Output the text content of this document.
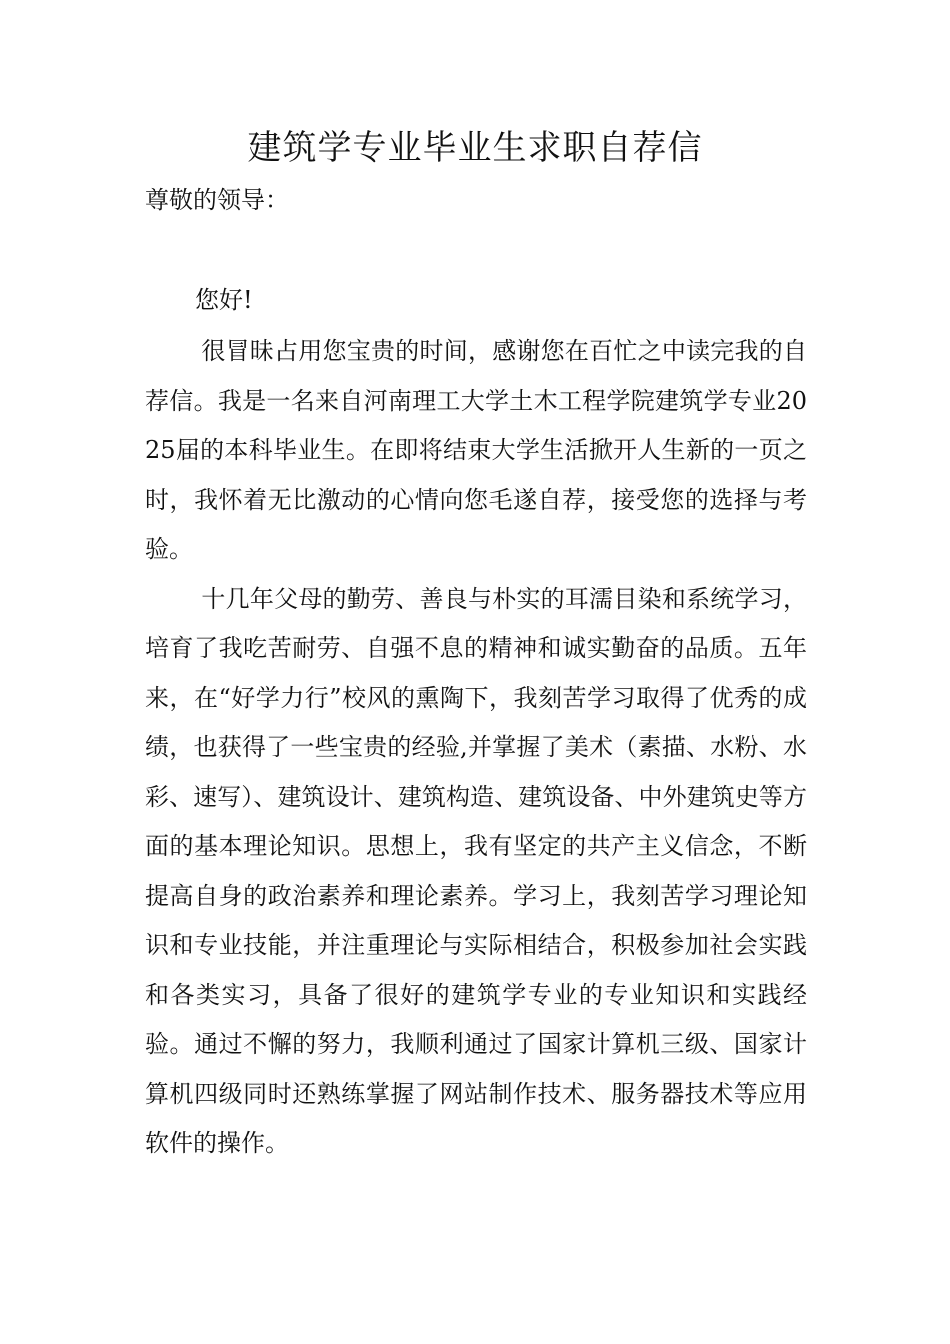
建筑学专业毕业生求职自荐信
尊敬的领导：
您好!

很冒昧占用您宝贵的时间，感谢您在百忙之中读完我的自荐信。我是一名来自河南理工大学土木工程学院建筑学专业2025届的本科毕业生。在即将结束大学生活掀开人生新的一页之时，我怀着无比激动的心情向您毛遂自荐，接受您的选择与考验。

十几年父母的勤劳、善良与朴实的耳濡目染和系统学习，培育了我吃苦耐劳、自强不息的精神和诚实勤奋的品质。五年来，在“好学力行”校风的熏陶下，我刻苦学习取得了优秀的成绩，也获得了一些宝贵的经验,并掌握了美术（素描、水粉、水彩、速写）、建筑设计、建筑构造、建筑设备、中外建筑史等方面的基本理论知识。思想上，我有坚定的共产主义信念，不断提高自身的政治素养和理论素养。学习上，我刻苦学习理论知识和专业技能，并注重理论与实际相结合，积极参加社会实践和各类实习，具备了很好的建筑学专业的专业知识和实践经验。通过不懈的努力，我顺利通过了国家计算机三级、国家计算机四级同时还熟练掌握了网站制作技术、服务器技术等应用软件的操作。
